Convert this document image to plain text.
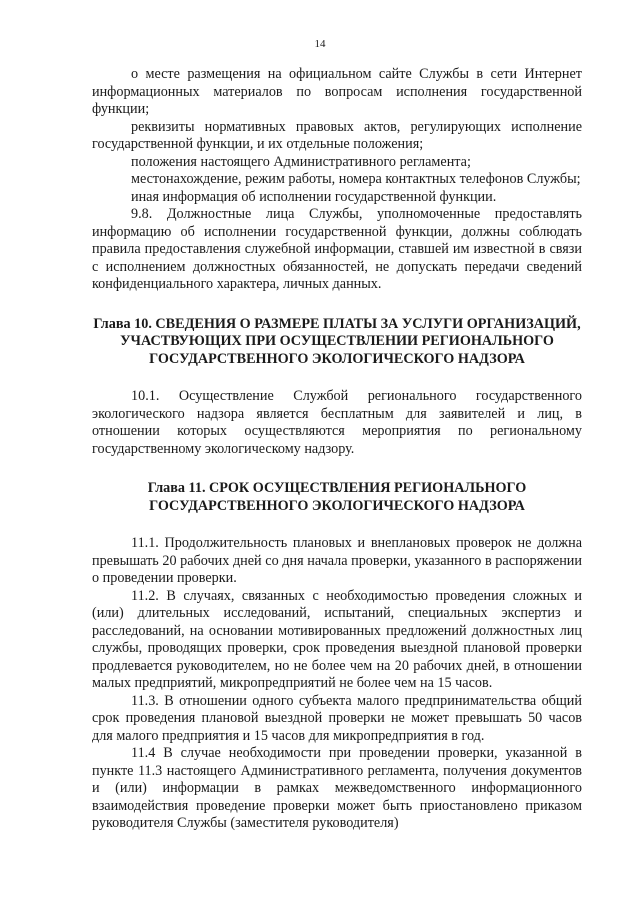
14

о месте размещения на официальном сайте Службы в сети Интернет информационных материалов по вопросам исполнения государственной функции;

реквизиты нормативных правовых актов, регулирующих исполнение государственной функции, и их отдельные положения;

положения настоящего Административного регламента;

местонахождение, режим работы, номера контактных телефонов Службы;

иная информация об исполнении государственной функции.

9.8. Должностные лица Службы, уполномоченные предоставлять информацию об исполнении государственной функции, должны соблюдать правила предоставления служебной информации, ставшей им известной в связи с исполнением должностных обязанностей, не допускать передачи сведений конфиденциального характера, личных данных.

Глава 10. СВЕДЕНИЯ О РАЗМЕРЕ ПЛАТЫ ЗА УСЛУГИ ОРГАНИЗАЦИЙ, УЧАСТВУЮЩИХ ПРИ ОСУЩЕСТВЛЕНИИ РЕГИОНАЛЬНОГО ГОСУДАРСТВЕННОГО ЭКОЛОГИЧЕСКОГО НАДЗОРА

10.1. Осуществление Службой регионального государственного экологического надзора является бесплатным для заявителей и лиц, в отношении которых осуществляются мероприятия по региональному государственному экологическому надзору.

Глава 11. СРОК ОСУЩЕСТВЛЕНИЯ РЕГИОНАЛЬНОГО ГОСУДАРСТВЕННОГО ЭКОЛОГИЧЕСКОГО НАДЗОРА

11.1. Продолжительность плановых и внеплановых проверок не должна превышать 20 рабочих дней со дня начала проверки, указанного в распоряжении о проведении проверки.

11.2. В случаях, связанных с необходимостью проведения сложных и (или) длительных исследований, испытаний, специальных экспертиз и расследований, на основании мотивированных предложений должностных лиц службы, проводящих проверки, срок проведения выездной плановой проверки продлевается руководителем, но не более чем на 20 рабочих дней, в отношении малых предприятий, микропредприятий не более чем на 15 часов.

11.3. В отношении одного субъекта малого предпринимательства общий срок проведения плановой выездной проверки не может превышать 50 часов для малого предприятия и 15 часов для микропредприятия в год.

11.4 В случае необходимости при проведении проверки, указанной в пункте 11.3 настоящего Административного регламента, получения документов и (или) информации в рамках межведомственного информационного взаимодействия проведение проверки может быть приостановлено приказом руководителя Службы (заместителя руководителя)
